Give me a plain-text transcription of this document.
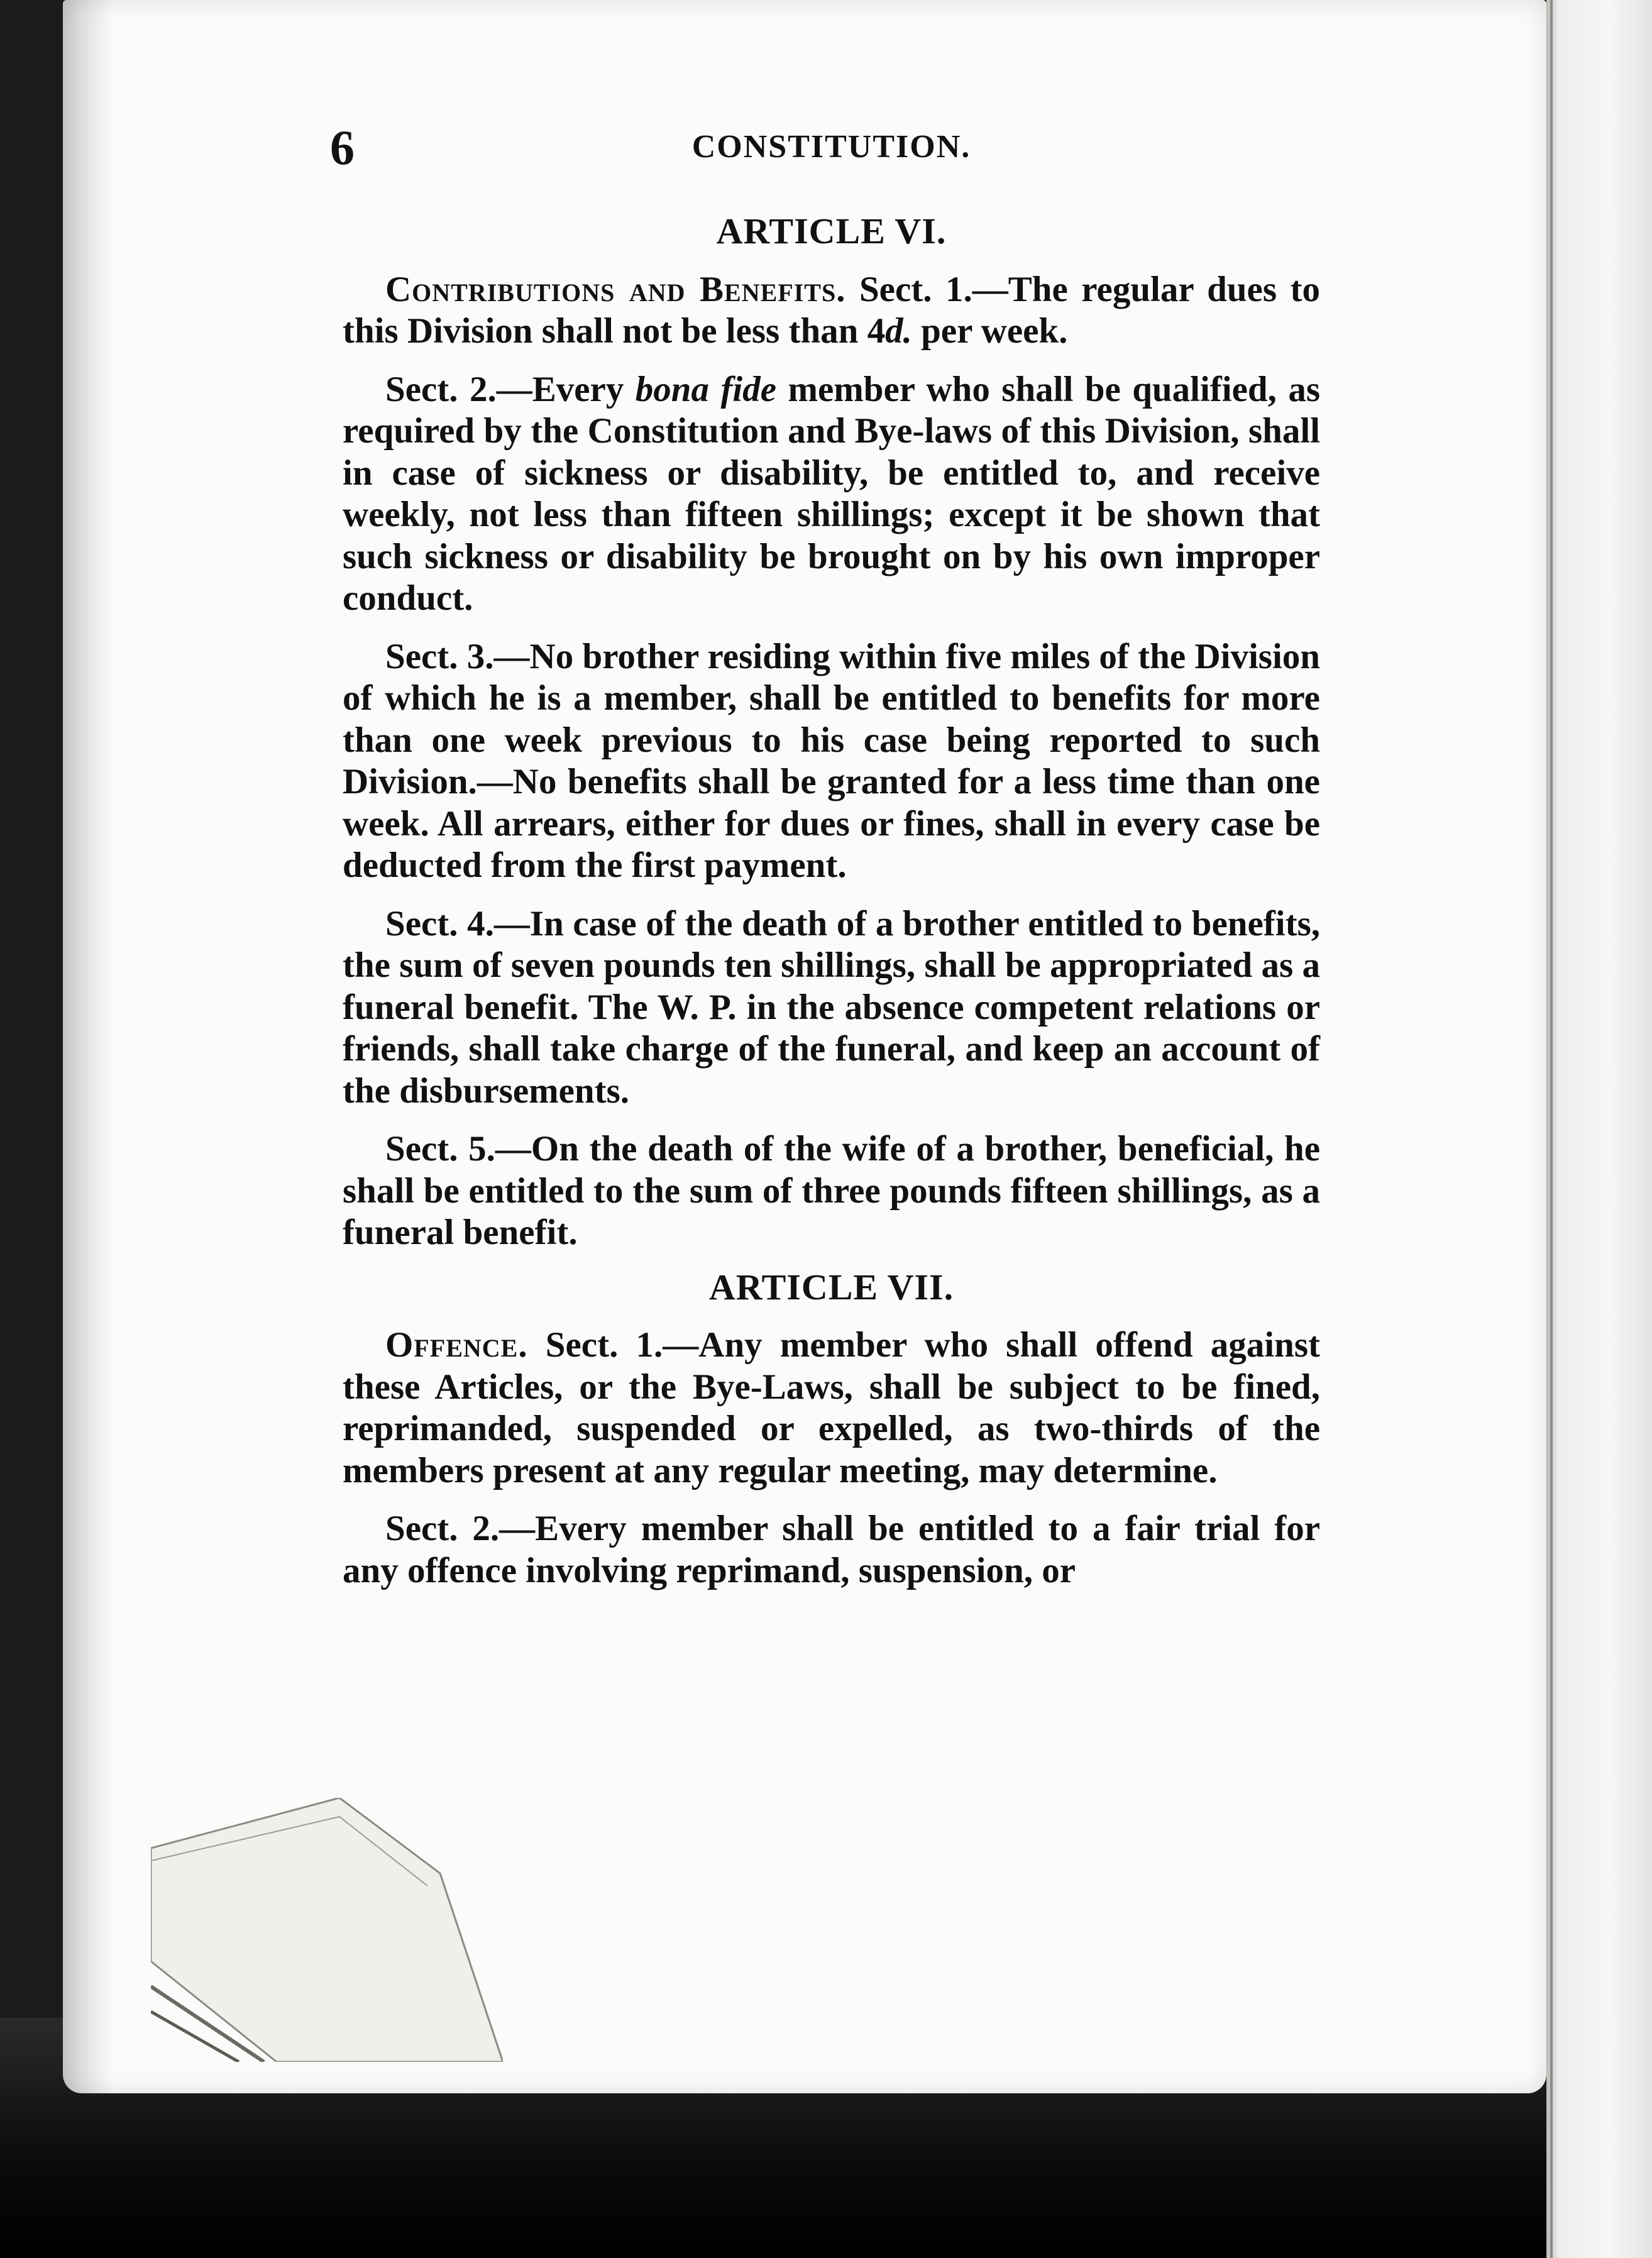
6	CONSTITUTION.
ARTICLE VI.

Contributions and Benefits. Sect. 1.—The regular dues to this Division shall not be less than 4d. per week.

Sect. 2.—Every bona fide member who shall be qualified, as required by the Constitution and Bye-laws of this Division, shall in case of sickness or disability, be entitled to, and receive weekly, not less than fifteen shillings; except it be shown that such sickness or disability be brought on by his own improper conduct.

Sect. 3.—No brother residing within five miles of the Division of which he is a member, shall be entitled to benefits for more than one week previous to his case being reported to such Division.—No benefits shall be granted for a less time than one week. All arrears, either for dues or fines, shall in every case be deducted from the first payment.

Sect. 4.—In case of the death of a brother entitled to benefits, the sum of seven pounds ten shillings, shall be appropriated as a funeral benefit. The W. P. in the absence competent relations or friends, shall take charge of the funeral, and keep an account of the disbursements.

Sect. 5.—On the death of the wife of a brother, beneficial, he shall be entitled to the sum of three pounds fifteen shillings, as a funeral benefit.

ARTICLE VII.

Offence. Sect. 1.—Any member who shall offend against these Articles, or the Bye-Laws, shall be subject to be fined, reprimanded, suspended or expelled, as two-thirds of the members present at any regular meeting, may determine.

Sect. 2.—Every member shall be entitled to a fair trial for any offence involving reprimand, suspension, or
